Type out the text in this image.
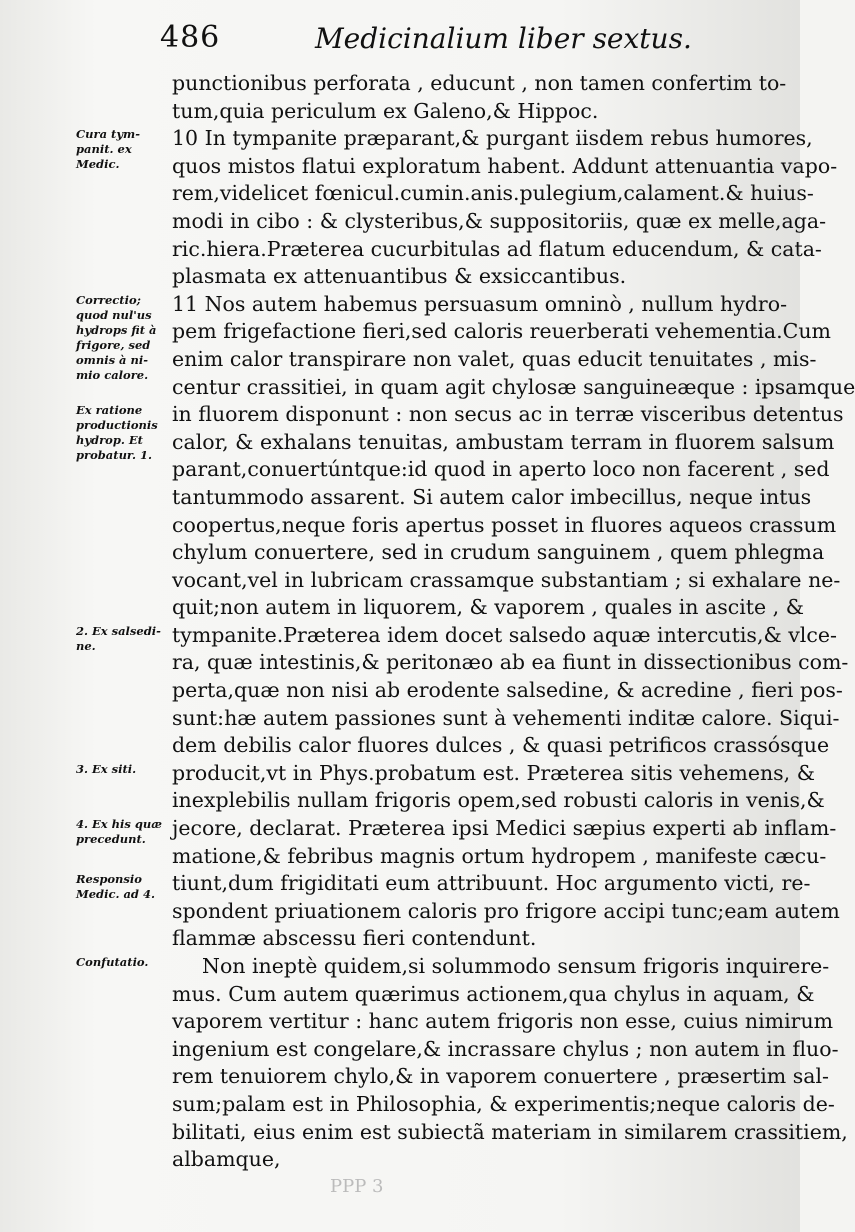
486	Medicinalium liber sextus.
Cura tym-
panit. ex
Medic.
Correctio;
quod nul'us
hydrops fit à
frigore, sed
omnis à ni-
mio calore.
Ex ratione
productionis
hydrop. Et
probatur. 1.
2. Ex salsedi-
ne.
3. Ex siti.
4. Ex his quæ
precedunt.
Responsio
Medic. ad 4.
Confutatio.
punctionibus perforata , educunt , non tamen confertim to-
tum,quia periculum ex Galeno,& Hippoc.
10 In tympanite præparant,& purgant iisdem rebus humores,
quos mistos flatui exploratum habent. Addunt attenuantia vapo-
rem,videlicet fœnicul.cumin.anis.pulegium,calament.& huius-
modi in cibo : & clysteribus,& suppositoriis, quæ ex melle,aga-
ric.hiera.Præterea cucurbitulas ad flatum educendum, & cata-
plasmata ex attenuantibus & exsiccantibus.
11 Nos autem habemus persuasum omninò , nullum hydro-
pem frigefactione fieri,sed caloris reuerberati vehementia.Cum
enim calor transpirare non valet, quas educit tenuitates , mis-
centur crassitiei, in quam agit chylosæ sanguineæque : ipsamque
in fluorem disponunt : non secus ac in terræ visceribus detentus
calor, & exhalans tenuitas, ambustam terram in fluorem salsum
parant,conuertúntque:id quod in aperto loco non facerent , sed
tantummodo assarent. Si autem calor imbecillus, neque intus
coopertus,neque foris apertus posset in fluores aqueos crassum
chylum conuertere, sed in crudum sanguinem , quem phlegma
vocant,vel in lubricam crassamque substantiam ; si exhalare ne-
quit;non autem in liquorem, & vaporem , quales in ascite , &
tympanite.Præterea idem docet salsedo aquæ intercutis,& vlce-
ra, quæ intestinis,& peritonæo ab ea fiunt in dissectionibus com-
perta,quæ non nisi ab erodente salsedine, & acredine , fieri pos-
sunt:hæ autem passiones sunt à vehementi inditæ calore. Siqui-
dem debilis calor fluores dulces , & quasi petrificos crassósque
producit,vt in Phys.probatum est. Præterea sitis vehemens, &
inexplebilis nullam frigoris opem,sed robusti caloris in venis,&
jecore, declarat. Præterea ipsi Medici sæpius experti ab inflam-
matione,& febribus magnis ortum hydropem , manifeste cæcu-
tiunt,dum frigiditati eum attribuunt. Hoc argumento victi, re-
spondent priuationem caloris pro frigore accipi tunc;eam autem
flammæ abscessu fieri contendunt.
Non ineptè quidem,si solummodo sensum frigoris inquirere-
mus. Cum autem quærimus actionem,qua chylus in aquam, &
vaporem vertitur : hanc autem frigoris non esse, cuius nimirum
ingenium est congelare,& incrassare chylus ; non autem in fluo-
rem tenuiorem chylo,& in vaporem conuertere , præsertim sal-
sum;palam est in Philosophia, & experimentis;neque caloris de-
bilitati, eius enim est subiectã materiam in similarem crassitiem,
albamque,
PPP 3
